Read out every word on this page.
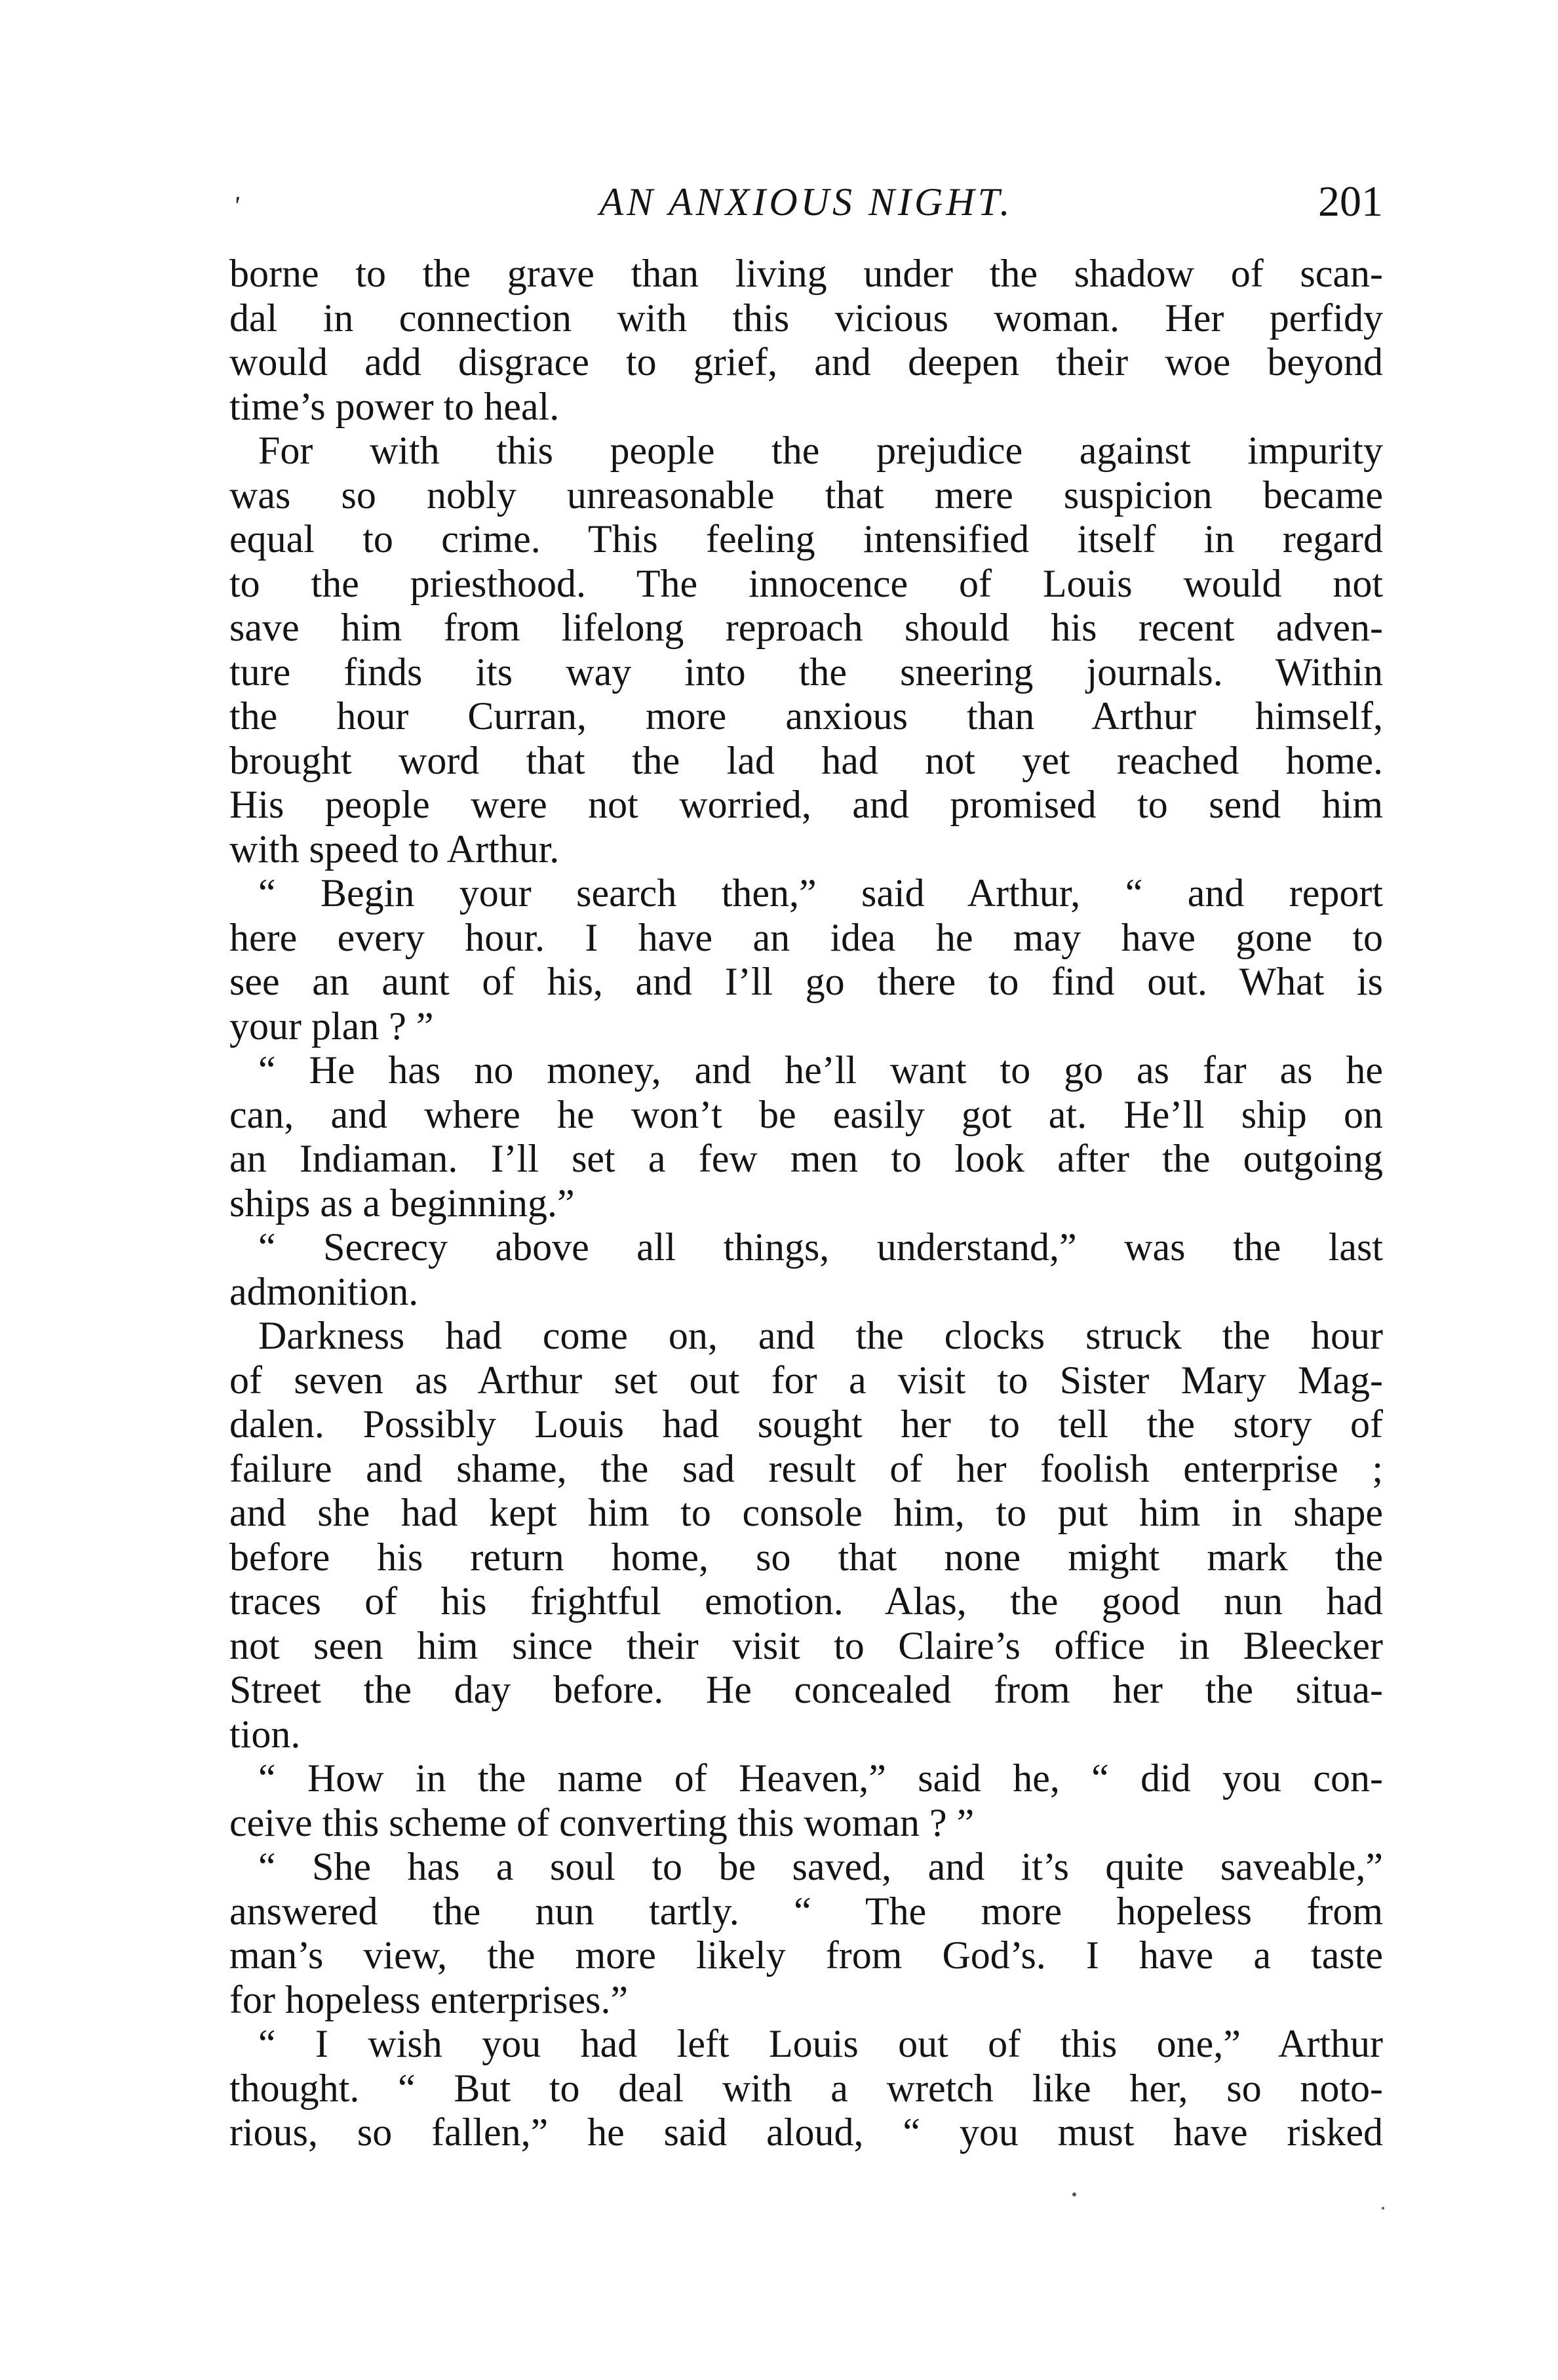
'	AN ANXIOUS NIGHT.	201
borne to the grave than living under the shadow of scan-
dal in connection with this vicious woman. Her perfidy
would add disgrace to grief, and deepen their woe beyond
time’s power to heal.
For with this people the prejudice against impurity
was so nobly unreasonable that mere suspicion became
equal to crime. This feeling intensified itself in regard
to the priesthood. The innocence of Louis would not
save him from lifelong reproach should his recent adven-
ture finds its way into the sneering journals. Within
the hour Curran, more anxious than Arthur himself,
brought word that the lad had not yet reached home.
His people were not worried, and promised to send him
with speed to Arthur.
“ Begin your search then,” said Arthur, “ and report
here every hour. I have an idea he may have gone to
see an aunt of his, and I’ll go there to find out. What is
your plan ? ”
“ He has no money, and he’ll want to go as far as he
can, and where he won’t be easily got at. He’ll ship on
an Indiaman. I’ll set a few men to look after the outgoing
ships as a beginning.”
“ Secrecy above all things, understand,” was the last
admonition.
Darkness had come on, and the clocks struck the hour
of seven as Arthur set out for a visit to Sister Mary Mag-
dalen. Possibly Louis had sought her to tell the story of
failure and shame, the sad result of her foolish enterprise ;
and she had kept him to console him, to put him in shape
before his return home, so that none might mark the
traces of his frightful emotion. Alas, the good nun had
not seen him since their visit to Claire’s office in Bleecker
Street the day before. He concealed from her the situa-
tion.
“ How in the name of Heaven,” said he, “ did you con-
ceive this scheme of converting this woman ? ”
“ She has a soul to be saved, and it’s quite saveable,”
answered the nun tartly. “ The more hopeless from
man’s view, the more likely from God’s. I have a taste
for hopeless enterprises.”
“ I wish you had left Louis out of this one,” Arthur
thought. “ But to deal with a wretch like her, so noto-
rious, so fallen,” he said aloud, “ you must have risked
